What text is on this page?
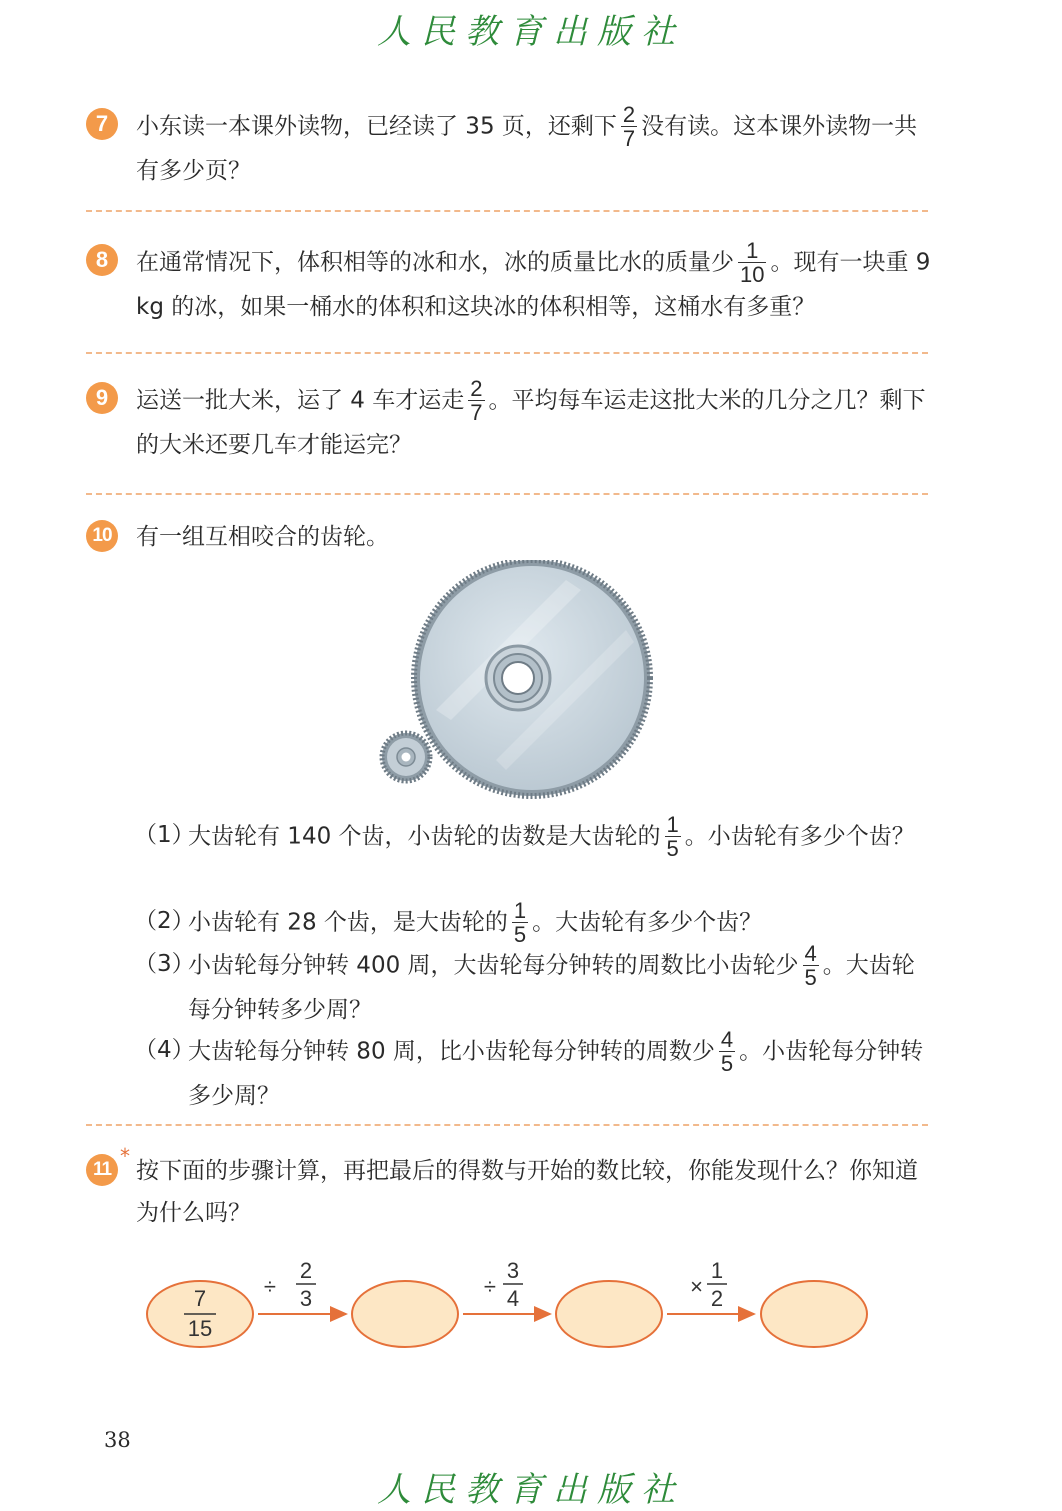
人民教育出版社
7	小东读一本课外读物，已经读了 35 页，还剩下 $\frac{2}{7}$ 没有读。这本课外读物一共有多少页？
8	在通常情况下，体积相等的冰和水，冰的质量比水的质量少 $\frac{1}{10}$ 。现有一块重 9 kg 的冰，如果一桶水的体积和这块冰的体积相等，这桶水有多重？
9	运送一批大米，运了 4 车才运走 $\frac{2}{7}$ 。平均每车运走这批大米的几分之几？剩下的大米还要几车才能运完？
10 有一组互相咬合的齿轮。
（1）
大齿轮有 140 个齿，小齿轮的齿数是大齿轮的 $\frac{1}{5}$ 。小齿轮有多少个齿？
（2）
小齿轮有 28 个齿，是大齿轮的 $\frac{1}{5}$ 。大齿轮有多少个齿？
（3）
小齿轮每分钟转 400 周，大齿轮每分钟转的周数比小齿轮少 $\frac{4}{5}$ 。大齿轮每分钟转多少周？
（4）
大齿轮每分钟转 80 周，比小齿轮每分钟转的周数少 $\frac{4}{5}$ 。小齿轮每分钟转多少周？
11
*
按下面的步骤计算，再把最后的得数与开始的数比较，你能发现什么？你知道为什么吗？
7
15
÷
2
3	÷
3
4	×
1
2
38
人民教育出版社
